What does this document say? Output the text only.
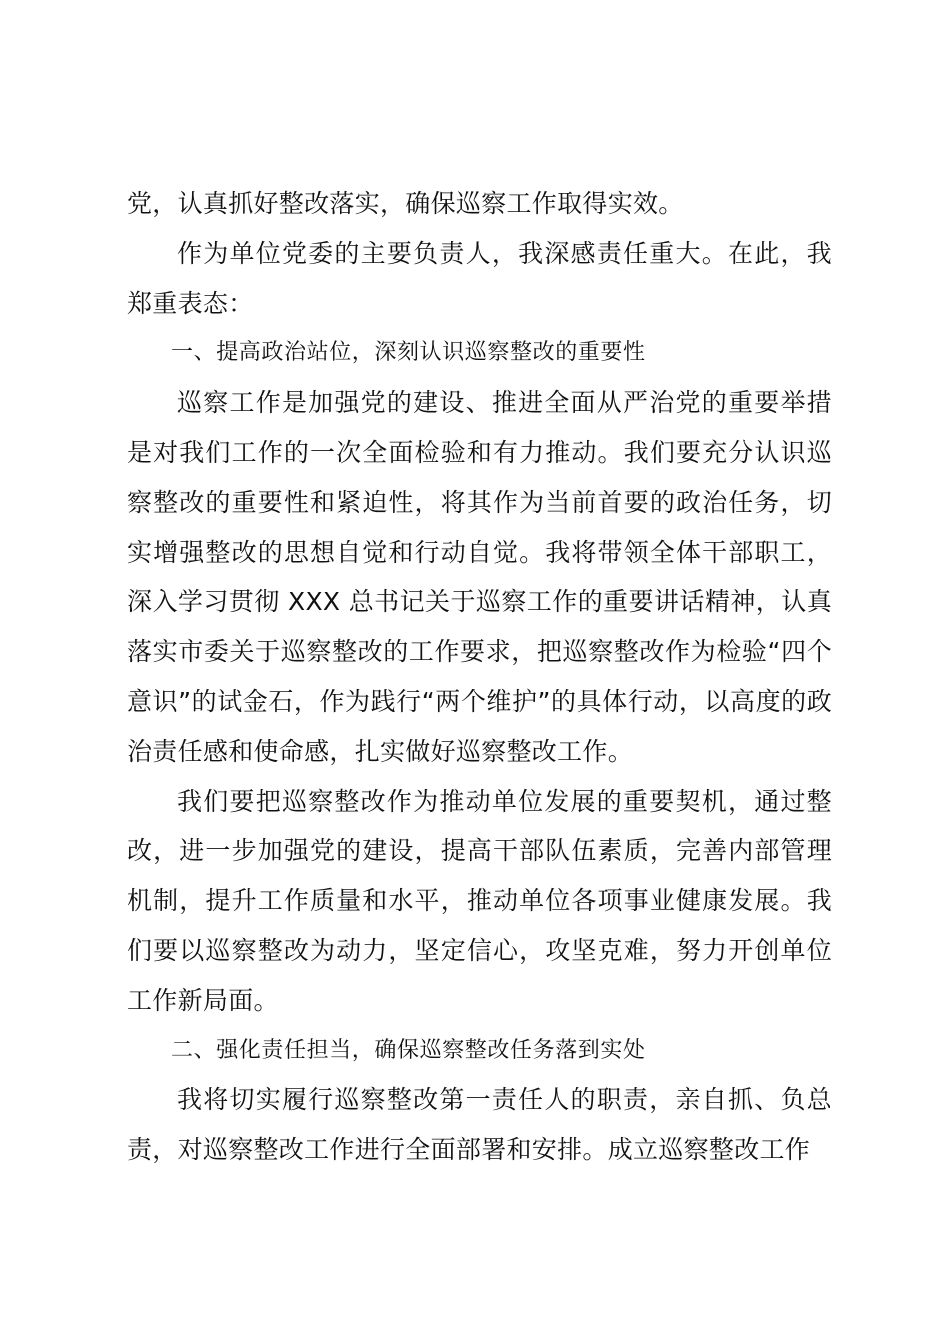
党，认真抓好整改落实，确保巡察工作取得实效。

作为单位党委的主要负责人，我深感责任重大。在此，我郑重表态：

一、提高政治站位，深刻认识巡察整改的重要性

巡察工作是加强党的建设、推进全面从严治党的重要举措是对我们工作的一次全面检验和有力推动。我们要充分认识巡察整改的重要性和紧迫性，将其作为当前首要的政治任务，切实增强整改的思想自觉和行动自觉。我将带领全体干部职工，深入学习贯彻 XXX 总书记关于巡察工作的重要讲话精神，认真落实市委关于巡察整改的工作要求，把巡察整改作为检验“四个意识”的试金石，作为践行“两个维护”的具体行动，以高度的政治责任感和使命感，扎实做好巡察整改工作。

我们要把巡察整改作为推动单位发展的重要契机，通过整改，进一步加强党的建设，提高干部队伍素质，完善内部管理机制，提升工作质量和水平，推动单位各项事业健康发展。我们要以巡察整改为动力，坚定信心，攻坚克难，努力开创单位工作新局面。

二、强化责任担当，确保巡察整改任务落到实处

我将切实履行巡察整改第一责任人的职责，亲自抓、负总责，对巡察整改工作进行全面部署和安排。成立巡察整改工作
